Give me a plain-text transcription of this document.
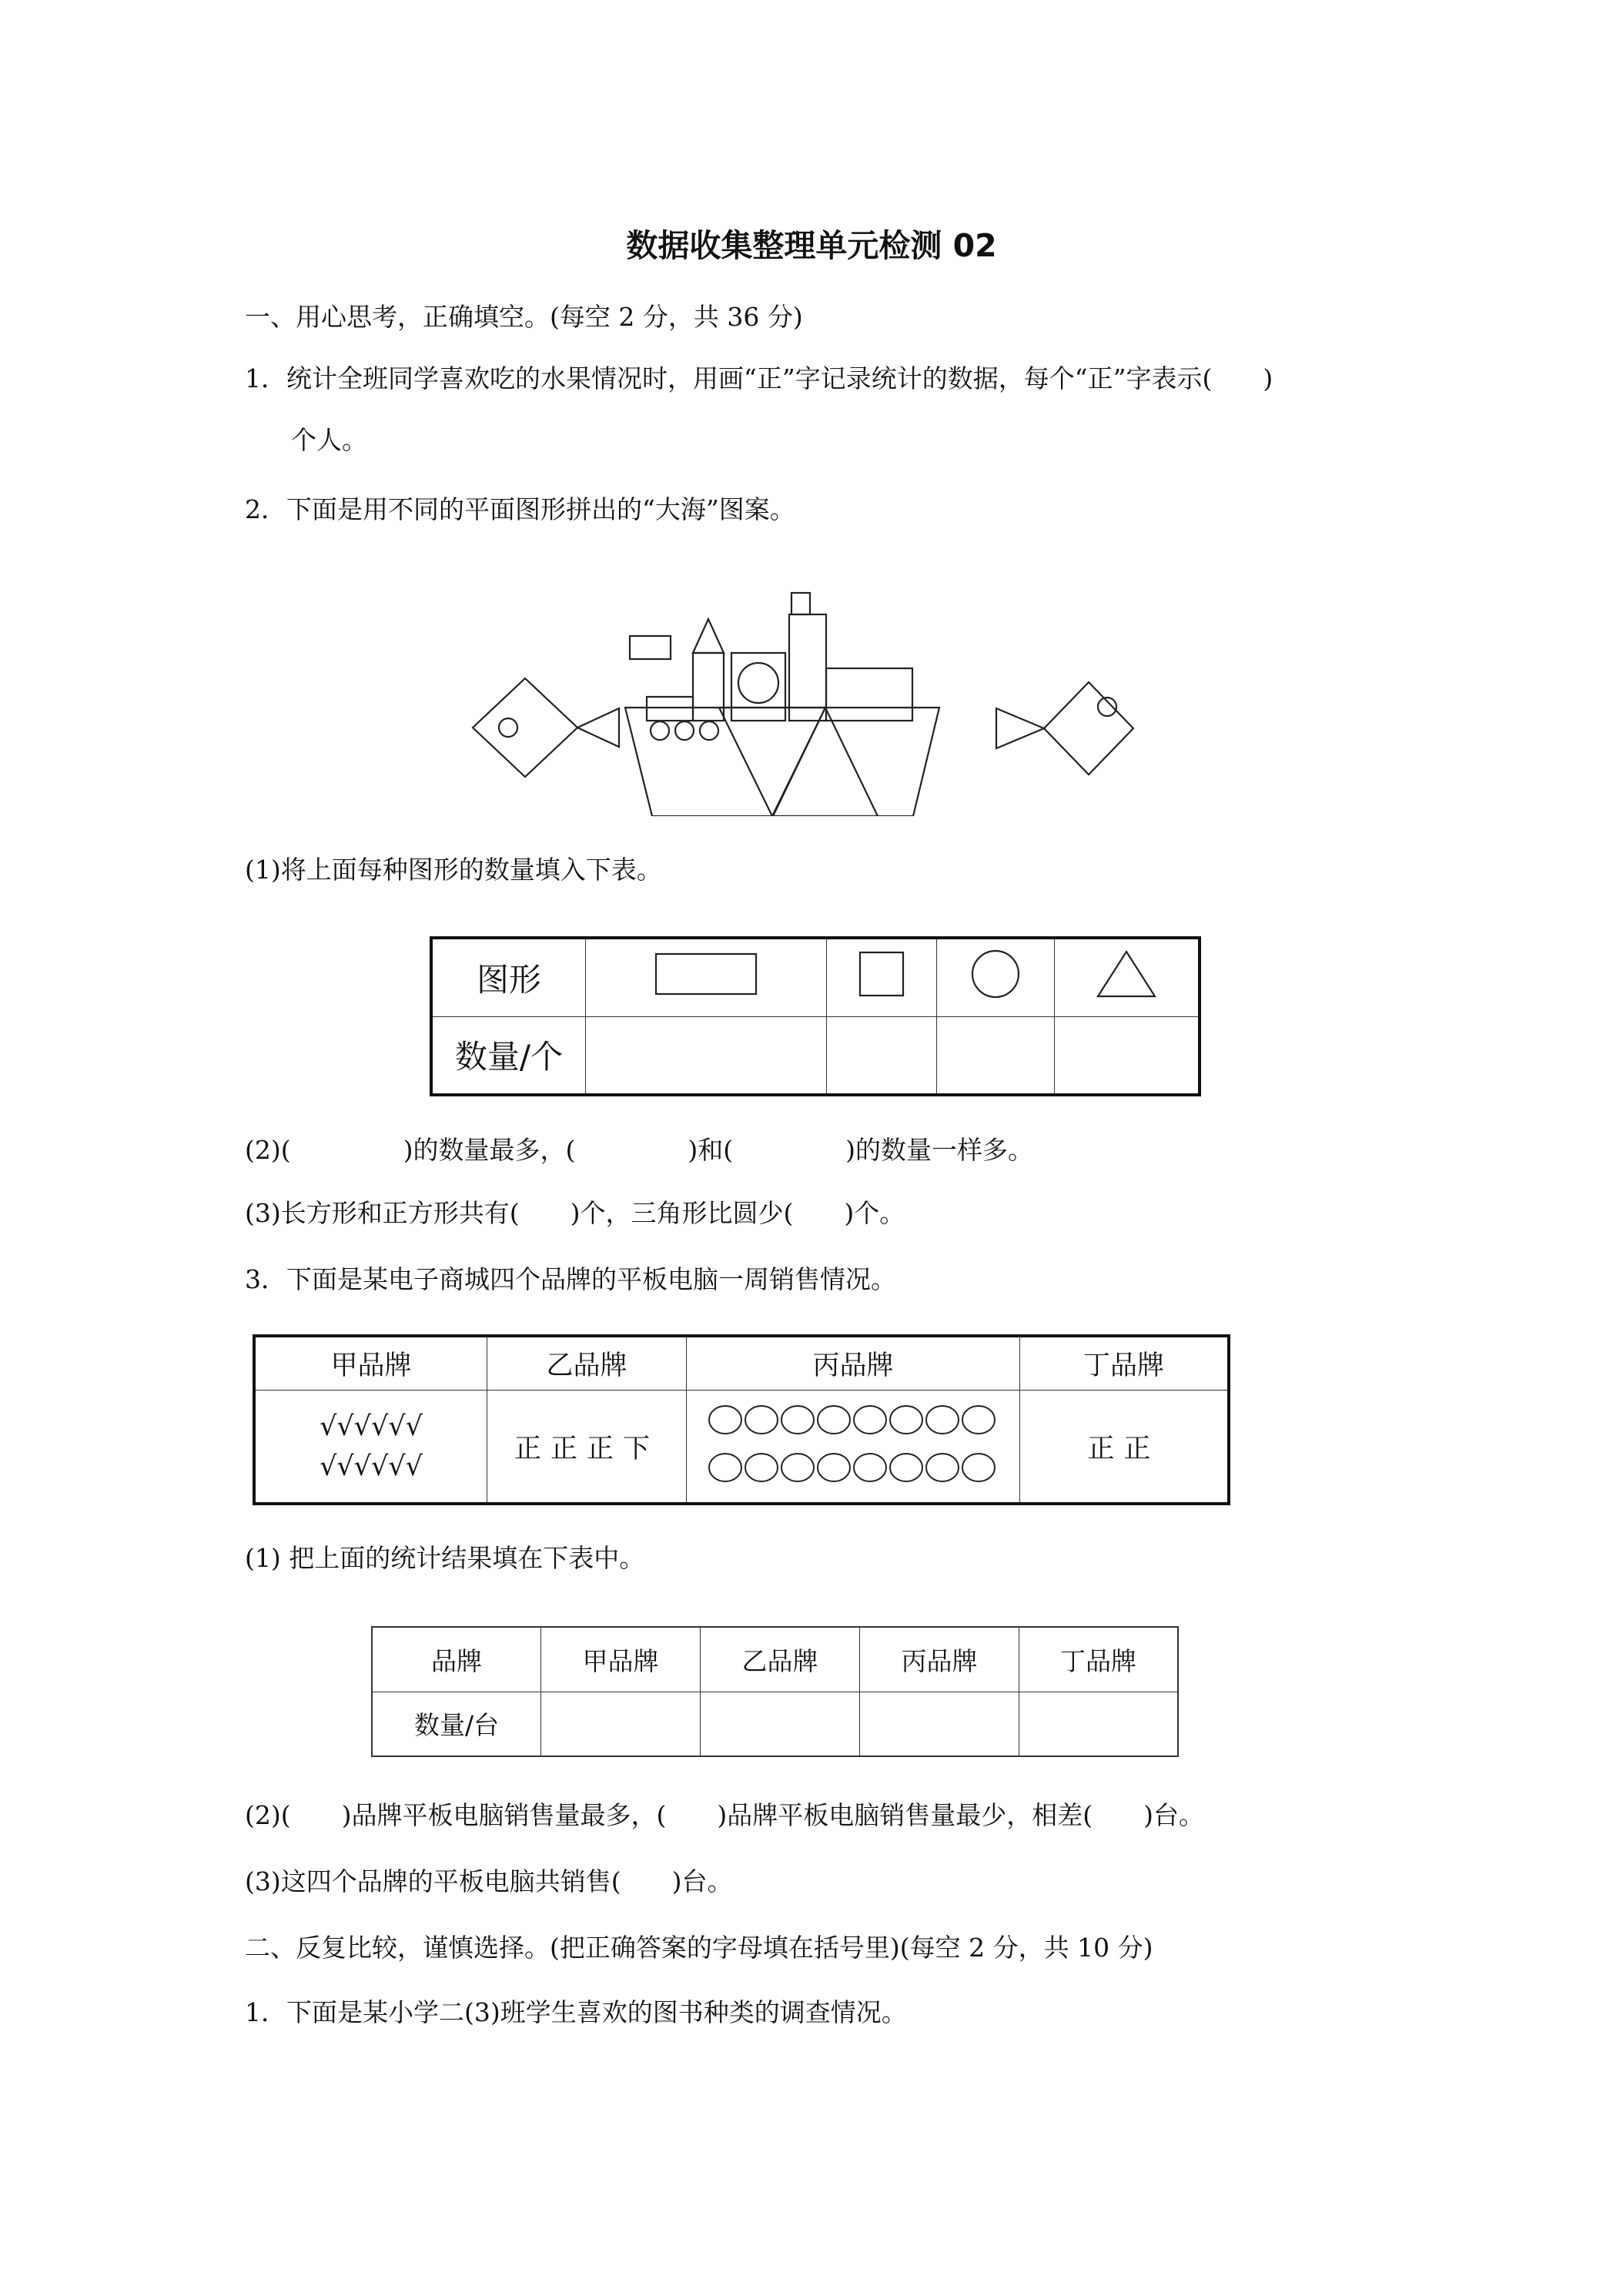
数据收集整理单元检测 02
一、用心思考，正确填空。(每空 2 分，共 36 分)
1．统计全班同学喜欢吃的水果情况时，用画“正”字记录统计的数据，每个“正”字表示( )
个人。
2．下面是用不同的平面图形拼出的“大海”图案。
(1)将上面每种图形的数量填入下表。
图形				
数量/个				
(2)(	)的数量最多，(	)和(	)的数量一样多。
(3)长方形和正方形共有( )个，三角形比圆少( )个。
3．下面是某电子商城四个品牌的平板电脑一周销售情况。
甲品牌	乙品牌	丙品牌	丁品牌

√√√√√√
√√√√√√	正正正下		正正
(1) 把上面的统计结果填在下表中。
品牌	甲品牌	乙品牌	丙品牌	丁品牌
数量/台				
(2)( )品牌平板电脑销售量最多，( )品牌平板电脑销售量最少，相差( )台。
(3)这四个品牌的平板电脑共销售( )台。
二、反复比较，谨慎选择。(把正确答案的字母填在括号里)(每空 2 分，共 10 分)
1．下面是某小学二(3)班学生喜欢的图书种类的调查情况。
